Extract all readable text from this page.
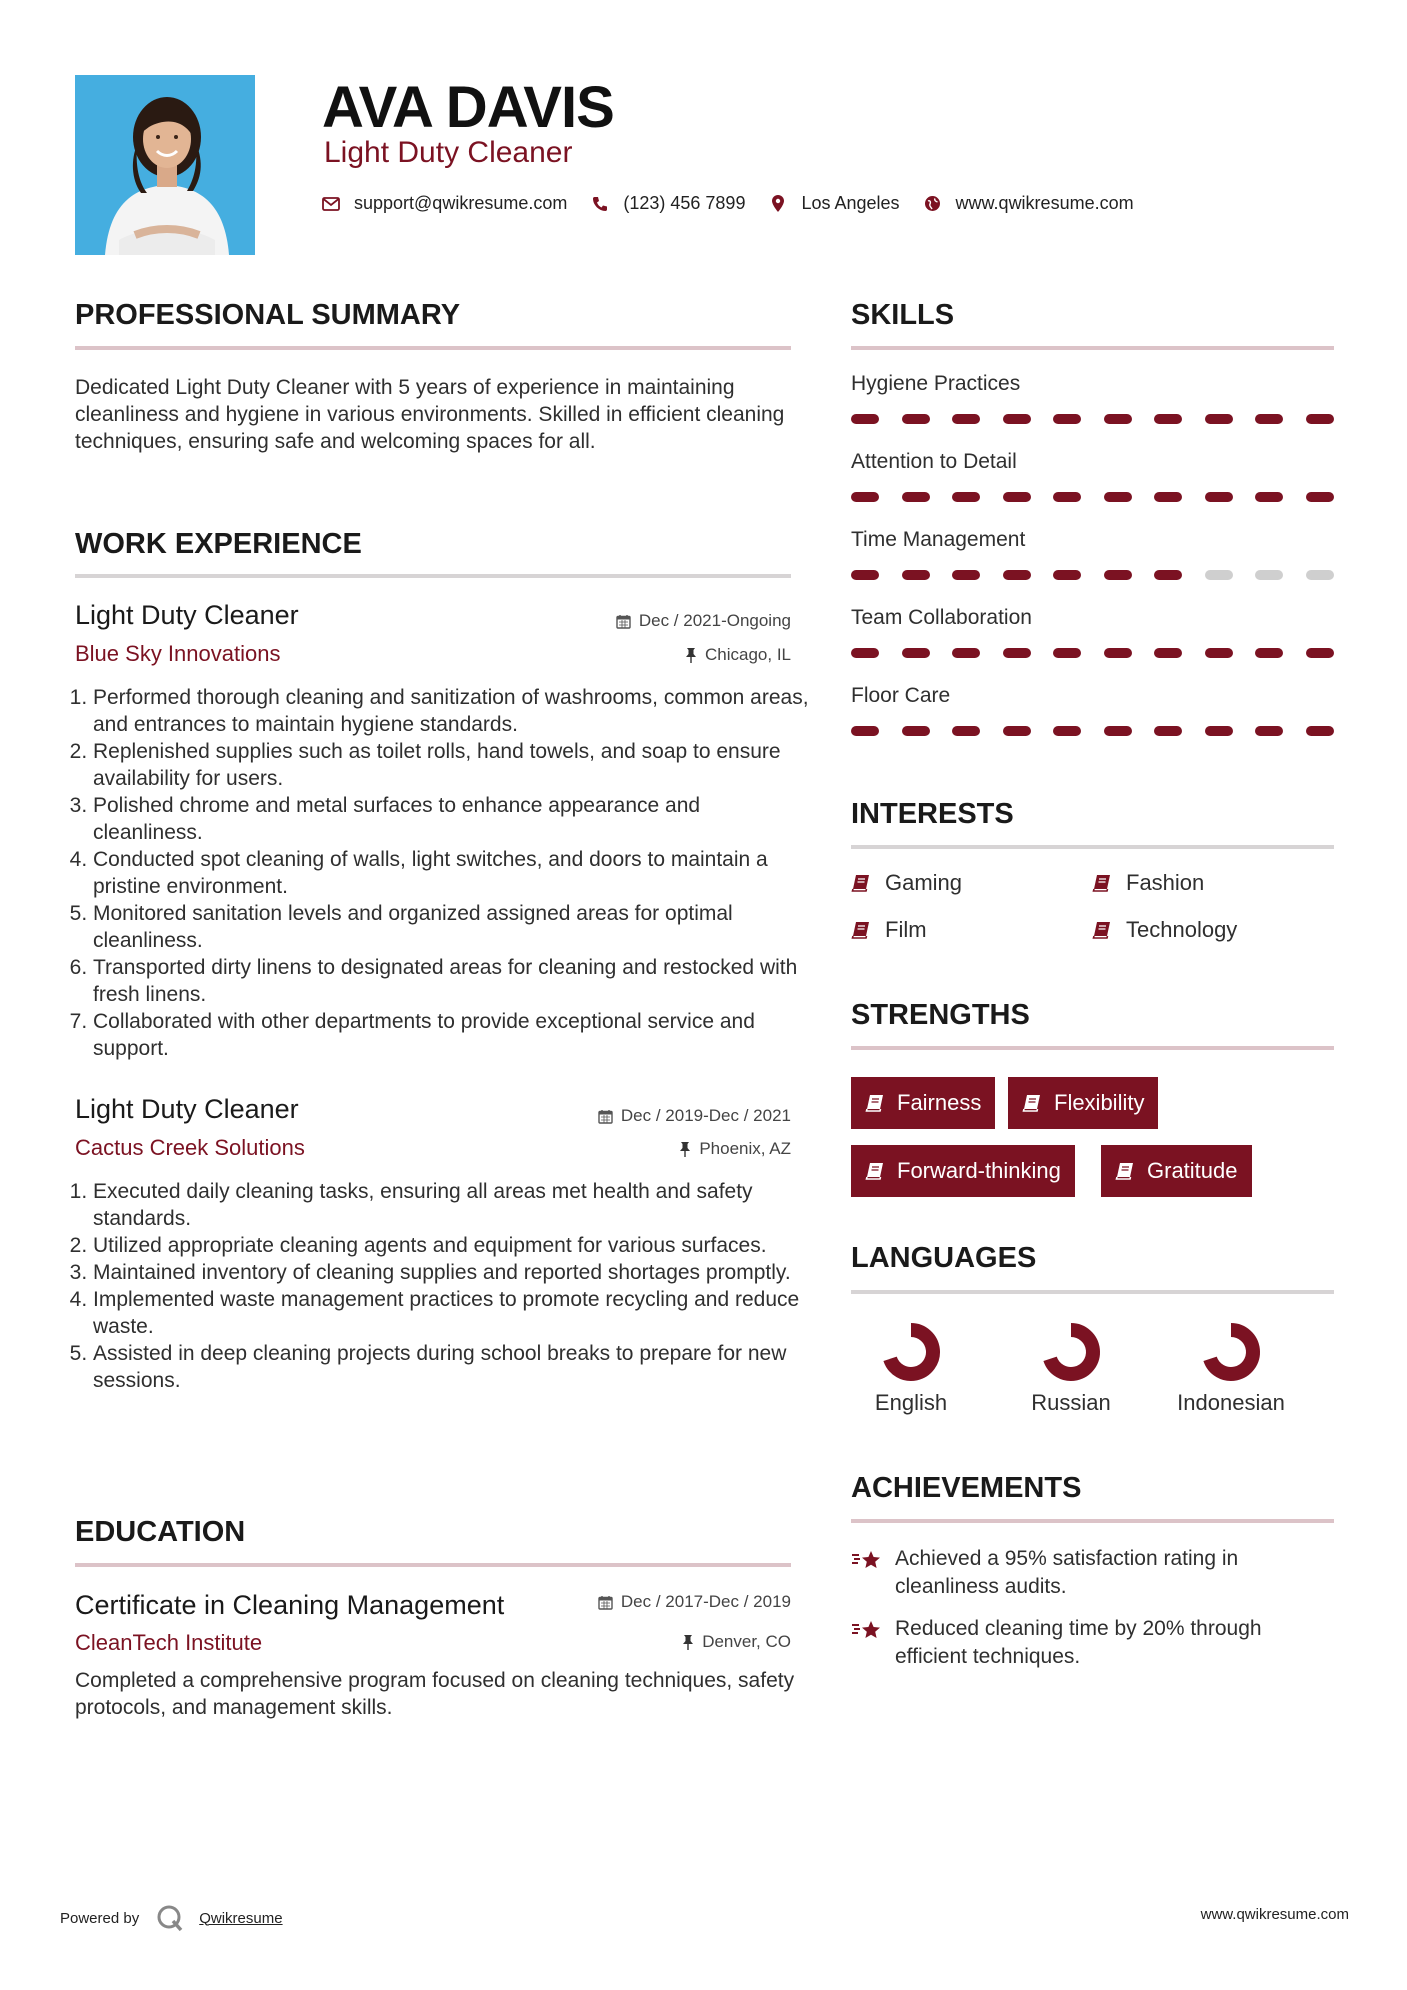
AVA DAVIS
Light Duty Cleaner
support@qwikresume.com	(123) 456 7899	Los Angeles	www.qwikresume.com
PROFESSIONAL SUMMARY
Dedicated Light Duty Cleaner with 5 years of experience in maintaining cleanliness and hygiene in various environments. Skilled in efficient cleaning techniques, ensuring safe and welcoming spaces for all.
WORK EXPERIENCE
Light Duty Cleaner	Dec / 2021-Ongoing
Blue Sky Innovations	Chicago, IL
1. Performed thorough cleaning and sanitization of washrooms, common areas, and entrances to maintain hygiene standards.
2. Replenished supplies such as toilet rolls, hand towels, and soap to ensure availability for users.
3. Polished chrome and metal surfaces to enhance appearance and cleanliness.
4. Conducted spot cleaning of walls, light switches, and doors to maintain a pristine environment.
5. Monitored sanitation levels and organized assigned areas for optimal cleanliness.
6. Transported dirty linens to designated areas for cleaning and restocked with fresh linens.
7. Collaborated with other departments to provide exceptional service and support.
Light Duty Cleaner	Dec / 2019-Dec / 2021
Cactus Creek Solutions	Phoenix, AZ
1. Executed daily cleaning tasks, ensuring all areas met health and safety standards.
2. Utilized appropriate cleaning agents and equipment for various surfaces.
3. Maintained inventory of cleaning supplies and reported shortages promptly.
4. Implemented waste management practices to promote recycling and reduce waste.
5. Assisted in deep cleaning projects during school breaks to prepare for new sessions.
EDUCATION
Certificate in Cleaning Management	Dec / 2017-Dec / 2019
CleanTech Institute	Denver, CO
Completed a comprehensive program focused on cleaning techniques, safety protocols, and management skills.
SKILLS
Hygiene Practices
Attention to Detail
Time Management
Team Collaboration
Floor Care
INTERESTS
Gaming	Fashion
Film	Technology
STRENGTHS
Fairness	Flexibility
Forward-thinking	Gratitude
LANGUAGES
English	Russian	Indonesian
ACHIEVEMENTS
Achieved a 95% satisfaction rating in cleanliness audits.
Reduced cleaning time by 20% through efficient techniques.
Powered by	Qwikresume	www.qwikresume.com
